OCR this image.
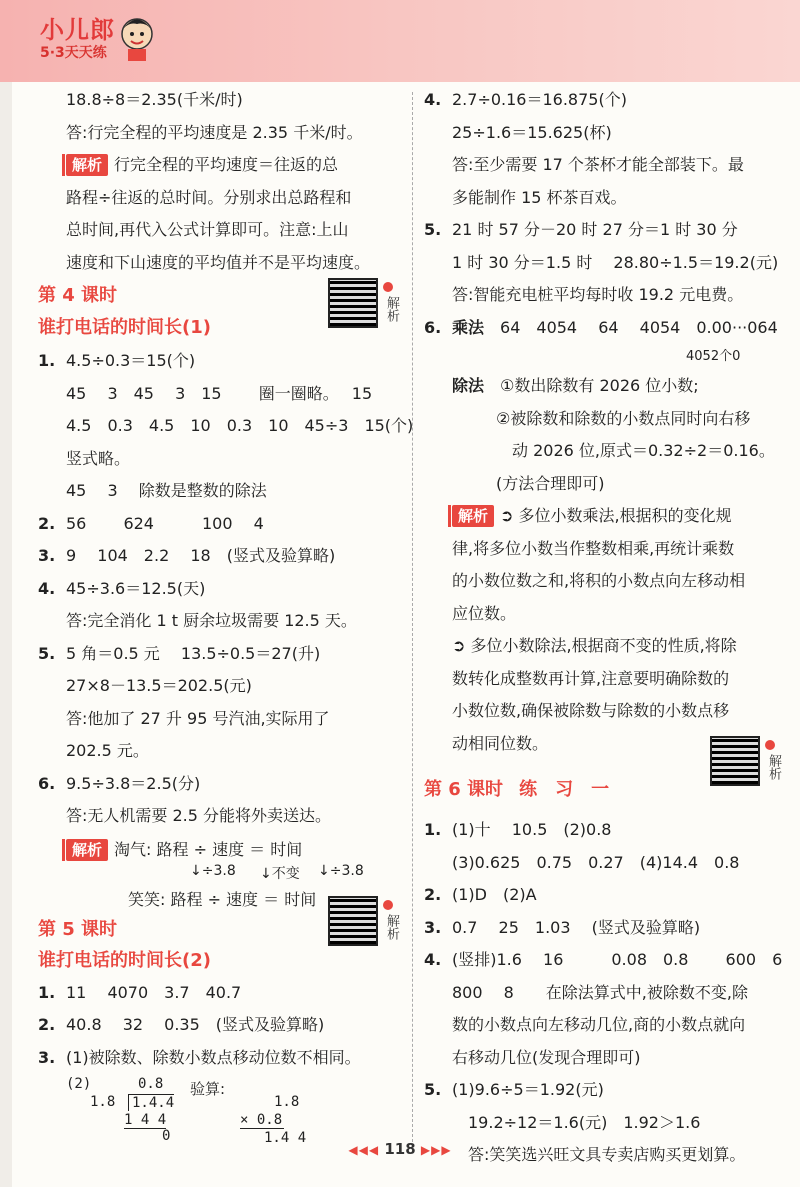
小儿郎
5·3天天练
18.8÷8＝2.35(千米/时)
答:行完全程的平均速度是 2.35 千米/时。
解析 行完全程的平均速度＝往返的总
路程÷往返的总时间。分别求出总路程和
总时间,再代入公式计算即可。注意:上山
速度和下山速度的平均值并不是平均速度。
第 4 课时
谁打电话的时间长(1)
1. 4.5÷0.3＝15(个)
45　 3　45　 3　15　　 圈一圈略。　 15
4.5　0.3　4.5　10　0.3　10　45÷3　15(个)
竖式略。
45　 3　 除数是整数的除法
2. 56　　 624　　　100　 4
3. 9　 104　2.2　 18　(竖式及验算略)
4. 45÷3.6＝12.5(天)
答:完全消化 1 t 厨余垃圾需要 12.5 天。
5. 5 角＝0.5 元　 13.5÷0.5＝27(升)
27×8－13.5＝202.5(元)
答:他加了 27 升 95 号汽油,实际用了
202.5 元。
6. 9.5÷3.8＝2.5(分)
答:无人机需要 2.5 分能将外卖送达。
解析 淘气: 路程 ÷ 速度 ＝ 时间
↓÷3.8 ↓不变 ↓÷3.8
笑笑: 路程 ÷ 速度 ＝ 时间
第 5 课时
谁打电话的时间长(2)
1. 11　 4070　3.7　40.7
2. 40.8　 32　 0.35　(竖式及验算略)
3. (1)被除数、除数小数点移动位数不相同。
(2)	0.8
1.8 1.4.4
1 4 4
0
验算:
1.8
× 0.8
1.4 4
解析
解析
4. 2.7÷0.16＝16.875(个)
25÷1.6＝15.625(杯)
答:至少需要 17 个茶杯才能全部装下。最
多能制作 15 杯茶百戏。
5. 21 时 57 分－20 时 27 分＝1 时 30 分
1 时 30 分＝1.5 时　 28.80÷1.5＝19.2(元)
答:智能充电桩平均每时收 19.2 元电费。
6. 乘法　 64　4054　 64　 4054　0.00···064
4052个0
除法　 ①数出除数有 2026 位小数;
②被除数和除数的小数点同时向右移
动 2026 位,原式＝0.32÷2＝0.16。
(方法合理即可)
解析 ➲ 多位小数乘法,根据积的变化规
律,将多位小数当作整数相乘,再统计乘数
的小数位数之和,将积的小数点向左移动相
应位数。
➲ 多位小数除法,根据商不变的性质,将除
数转化成整数再计算,注意要明确除数的
小数位数,确保被除数与除数的小数点移
动相同位数。
第 6 课时　 练　习　一
1. (1)十　 10.5　(2)0.8
(3)0.625　0.75　0.27　(4)14.4　0.8
2. (1)D　(2)A
3. 0.7　 25　1.03　 (竖式及验算略)
4. (竖排)1.6　 16　　　0.08　0.8　　 600　6
800　 8　　在除法算式中,被除数不变,除
数的小数点向左移动几位,商的小数点就向
右移动几位(发现合理即可)
5. (1)9.6÷5＝1.92(元)
　19.2÷12＝1.6(元)　1.92＞1.6
　答:笑笑选兴旺文具专卖店购买更划算。
解析
◀◀◀ 118 ▶▶▶
